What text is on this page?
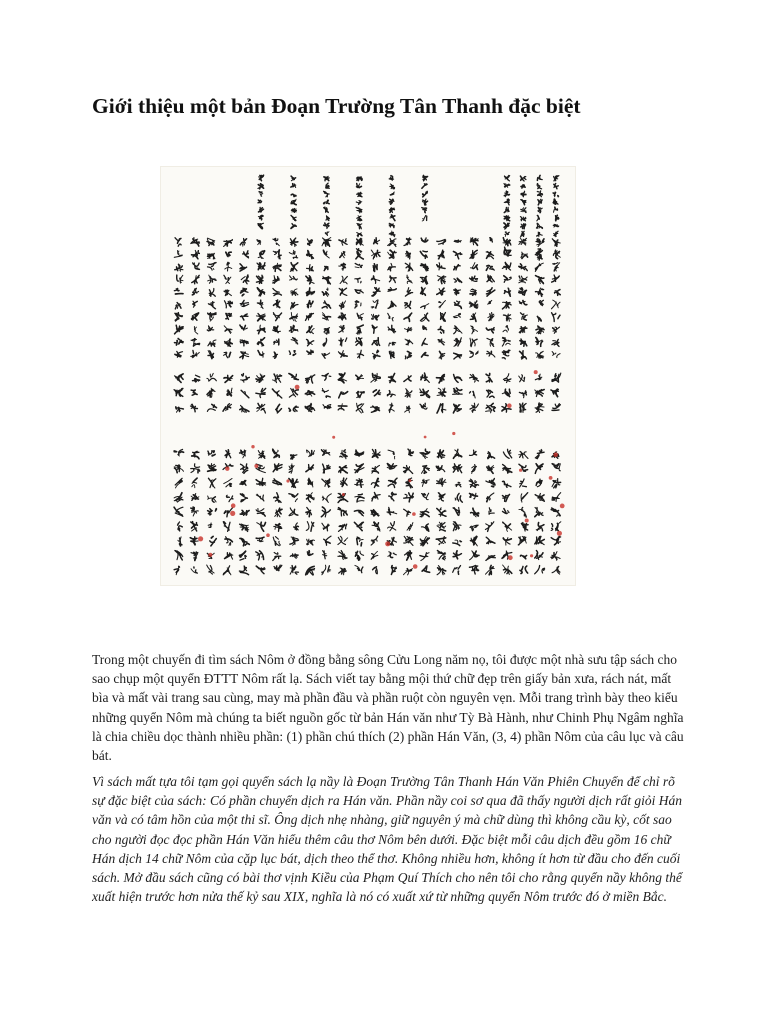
Giới thiệu một bản Đoạn Trường Tân Thanh đặc biệt

Trong một chuyến đi tìm sách Nôm ở đồng bằng sông Cửu Long năm nọ, tôi được một nhà sưu tập sách cho sao chụp một quyển ĐTTT Nôm rất lạ. Sách viết tay bằng mội thứ chữ đẹp trên giấy bản xưa, rách nát, mất bìa và mất vài trang sau cùng, may mà phần đầu và phần ruột còn nguyên vẹn. Mỗi trang trình bày theo kiểu những quyển Nôm mà chúng ta biết nguồn gốc từ bản Hán văn như Tỳ Bà Hành, như Chinh Phụ Ngâm nghĩa là chia chiều dọc thành nhiều phần: (1) phần chú thích (2) phần Hán Văn, (3, 4) phần Nôm của câu lục và câu bát.

Vì sách mất tựa tôi tạm gọi quyển sách lạ nầy là Đoạn Trường Tân Thanh Hán Văn Phiên Chuyển để chỉ rõ sự đặc biệt của sách: Có phần chuyển dịch ra Hán văn. Phần nầy coi sơ qua đã thấy người dịch rất giỏi Hán văn và có tâm hồn của một thi sĩ. Ông dịch nhẹ nhàng, giữ nguyên ý mà chữ dùng thì không cầu kỳ, cốt sao cho người đọc đọc phần Hán Văn hiểu thêm câu thơ Nôm bên dưới. Đặc biệt mỗi câu dịch đều gồm 16 chữ Hán dịch 14 chữ Nôm của cặp lục bát, dịch theo thể thơ. Không nhiều hơn, không ít hơn từ đầu cho đến cuối sách. Mở đầu sách cũng có bài thơ vịnh Kiều của Phạm Quí Thích cho nên tôi cho rằng quyển nầy không thể xuất hiện trước hơn nửa thế kỷ sau XIX, nghĩa là nó có xuất xứ từ những quyển Nôm trước đó ở miền Bắc.
